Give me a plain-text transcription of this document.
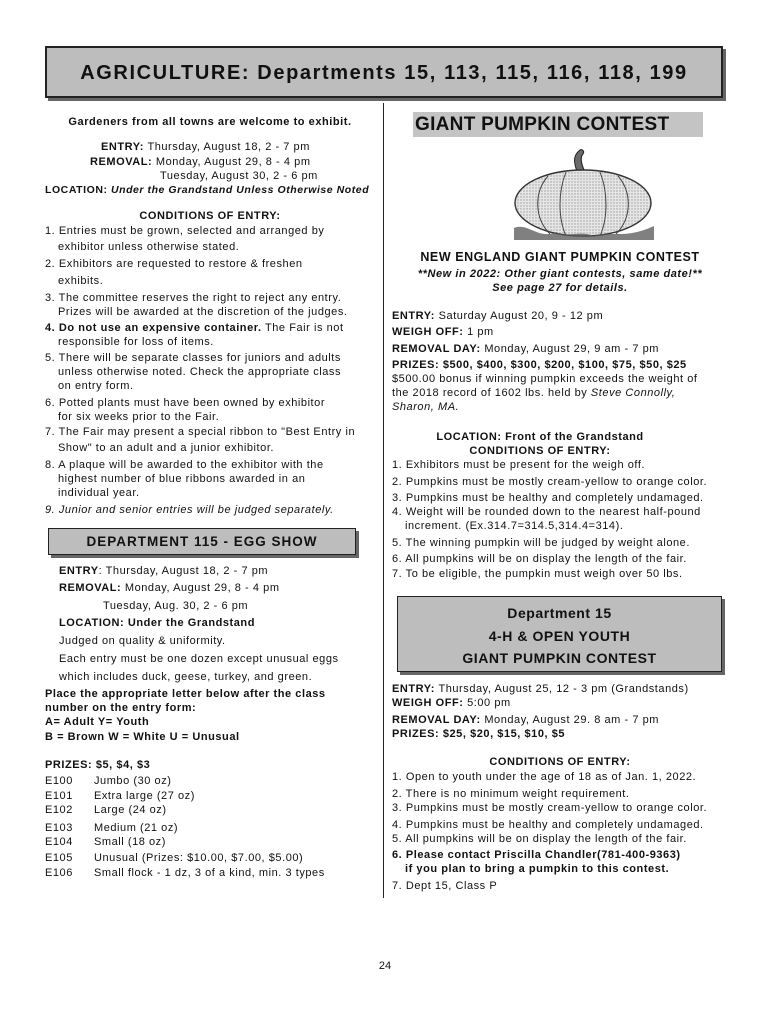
AGRICULTURE: Departments 15, 113, 115, 116, 118, 199
Gardeners from all towns are welcome to exhibit.
ENTRY: Thursday, August 18, 2 - 7 pm
REMOVAL: Monday, August 29, 8 - 4 pm
Tuesday, August 30, 2 - 6 pm
LOCATION: Under the Grandstand Unless Otherwise Noted
CONDITIONS OF ENTRY:
1. Entries must be grown, selected and arranged by
exhibitor unless otherwise stated.
2. Exhibitors are requested to restore & freshen
exhibits.
3. The committee reserves the right to reject any entry.
Prizes will be awarded at the discretion of the judges.
4. Do not use an expensive container. The Fair is not
responsible for loss of items.
5. There will be separate classes for juniors and adults
unless otherwise noted. Check the appropriate class
on entry form.
6. Potted plants must have been owned by exhibitor
for six weeks prior to the Fair.
7. The Fair may present a special ribbon to "Best Entry in
Show" to an adult and a junior exhibitor.
8. A plaque will be awarded to the exhibitor with the
highest number of blue ribbons awarded in an
individual year.
9. Junior and senior entries will be judged separately.
DEPARTMENT 115 - EGG SHOW
ENTRY: Thursday, August 18, 2 - 7 pm
REMOVAL: Monday, August 29, 8 - 4 pm
Tuesday, Aug. 30, 2 - 6 pm
LOCATION: Under the Grandstand
Judged on quality & uniformity.
Each entry must be one dozen except unusual eggs
which includes duck, geese, turkey, and green.
Place the appropriate letter below after the class
number on the entry form:
A= Adult Y= Youth
B = Brown W = White U = Unusual
PRIZES: $5, $4, $3
E100 Jumbo (30 oz)
E101 Extra large (27 oz)
E102 Large (24 oz)
E103 Medium (21 oz)
E104 Small (18 oz)
E105 Unusual (Prizes: $10.00, $7.00, $5.00)
E106 Small flock - 1 dz, 3 of a kind, min. 3 types
GIANT PUMPKIN CONTEST
NEW ENGLAND GIANT PUMPKIN CONTEST
**New in 2022: Other giant contests, same date!**
See page 27 for details.
ENTRY: Saturday August 20, 9 - 12 pm
WEIGH OFF: 1 pm
REMOVAL DAY: Monday, August 29, 9 am - 7 pm
PRIZES: $500, $400, $300, $200, $100, $75, $50, $25
$500.00 bonus if winning pumpkin exceeds the weight of
the 2018 record of 1602 lbs. held by Steve Connolly,
Sharon, MA.
LOCATION: Front of the Grandstand
CONDITIONS OF ENTRY:
1. Exhibitors must be present for the weigh off.
2. Pumpkins must be mostly cream-yellow to orange color.
3. Pumpkins must be healthy and completely undamaged.
4. Weight will be rounded down to the nearest half-pound
increment. (Ex.314.7=314.5,314.4=314).
5. The winning pumpkin will be judged by weight alone.
6. All pumpkins will be on display the length of the fair.
7. To be eligible, the pumpkin must weigh over 50 lbs.
Department 15
4-H & OPEN YOUTH
GIANT PUMPKIN CONTEST
ENTRY: Thursday, August 25, 12 - 3 pm (Grandstands)
WEIGH OFF: 5:00 pm
REMOVAL DAY: Monday, August 29. 8 am - 7 pm
PRIZES: $25, $20, $15, $10, $5
CONDITIONS OF ENTRY:
1. Open to youth under the age of 18 as of Jan. 1, 2022.
2. There is no minimum weight requirement.
3. Pumpkins must be mostly cream-yellow to orange color.
4. Pumpkins must be healthy and completely undamaged.
5. All pumpkins will be on display the length of the fair.
6. Please contact Priscilla Chandler(781-400-9363)
if you plan to bring a pumpkin to this contest.
7. Dept 15, Class P
24
